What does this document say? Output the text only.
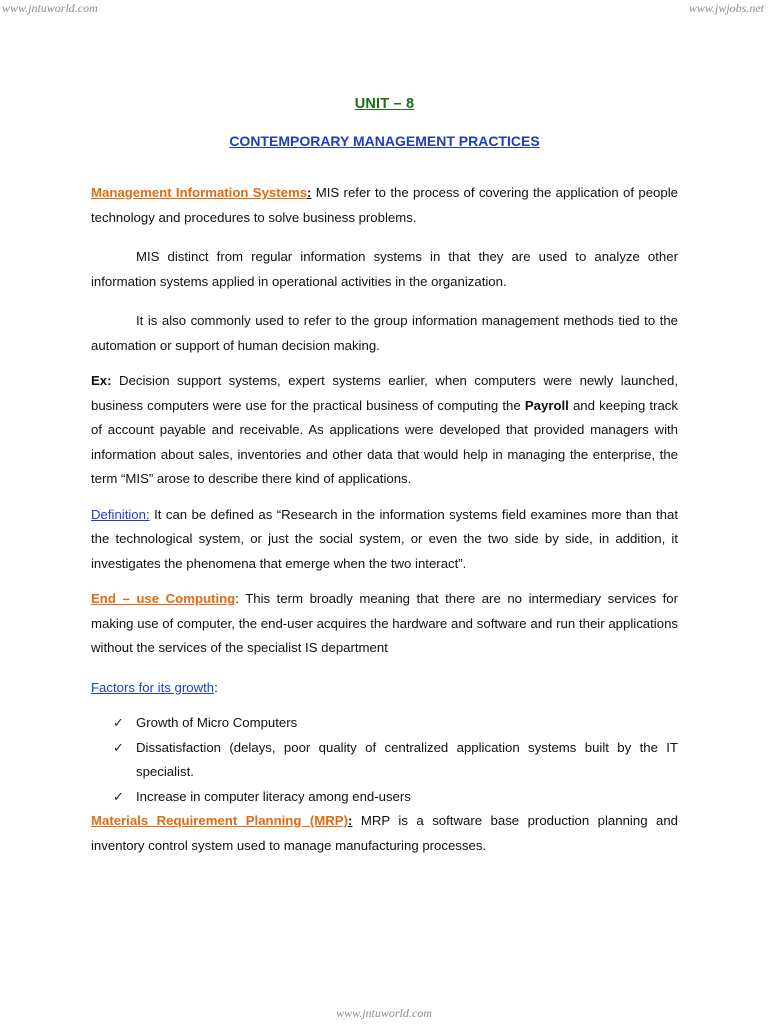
www.jntuworld.com	www.jwjobs.net
UNIT – 8
CONTEMPORARY MANAGEMENT PRACTICES

Management Information Systems: MIS refer to the process of covering the application of people technology and procedures to solve business problems.

MIS distinct from regular information systems in that they are used to analyze other information systems applied in operational activities in the organization.

It is also commonly used to refer to the group information management methods tied to the automation or support of human decision making.

Ex: Decision support systems, expert systems earlier, when computers were newly launched, business computers were use for the practical business of computing the Payroll and keeping track of account payable and receivable. As applications were developed that provided managers with information about sales, inventories and other data that would help in managing the enterprise, the term “MIS” arose to describe there kind of applications.

Definition: It can be defined as “Research in the information systems field examines more than that the technological system, or just the social system, or even the two side by side, in addition, it investigates the phenomena that emerge when the two interact”.

End – use Computing: This term broadly meaning that there are no intermediary services for making use of computer, the end-user acquires the hardware and software and run their applications without the services of the specialist IS department

Factors for its growth:

✓ Growth of Micro Computers
✓ Dissatisfaction (delays, poor quality of centralized application systems built by the IT specialist.
✓ Increase in computer literacy among end-users

Materials Requirement Planning (MRP): MRP is a software base production planning and inventory control system used to manage manufacturing processes.

www.jntuworld.com
